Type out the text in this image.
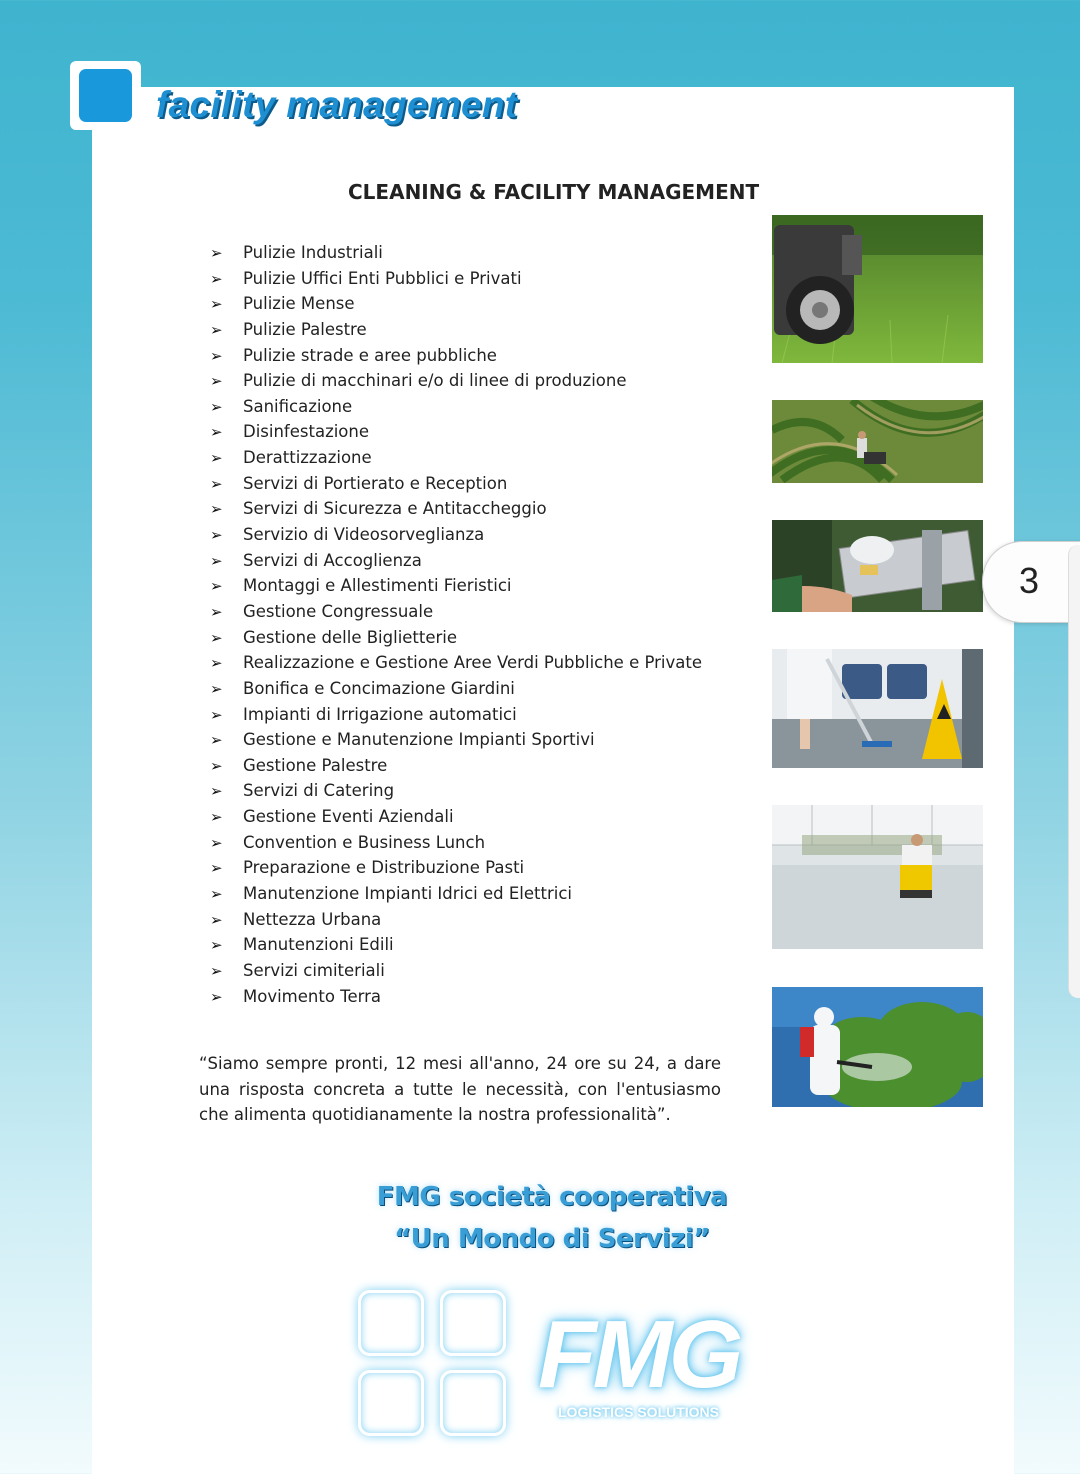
facility management
CLEANING & FACILITY MANAGEMENT
➢ Pulizie Industriali
➢ Pulizie Uffici Enti Pubblici e Privati
➢ Pulizie Mense
➢ Pulizie Palestre
➢ Pulizie strade e aree pubbliche
➢ Pulizie di macchinari e/o di linee di produzione
➢ Sanificazione
➢ Disinfestazione
➢ Derattizzazione
➢ Servizi di Portierato e Reception
➢ Servizi di Sicurezza e Antitaccheggio
➢ Servizio di Videosorveglianza
➢ Servizi di Accoglienza
➢ Montaggi e Allestimenti Fieristici
➢ Gestione Congressuale
➢ Gestione delle Biglietterie
➢ Realizzazione e Gestione Aree Verdi Pubbliche e Private
➢ Bonifica e Concimazione Giardini
➢ Impianti di Irrigazione automatici
➢ Gestione e Manutenzione Impianti Sportivi
➢ Gestione Palestre
➢ Servizi di Catering
➢ Gestione Eventi Aziendali
➢ Convention e Business Lunch
➢ Preparazione e Distribuzione Pasti
➢ Manutenzione Impianti Idrici ed Elettrici
➢ Nettezza Urbana
➢ Manutenzioni Edili
➢ Servizi cimiteriali
➢ Movimento Terra
“Siamo sempre pronti, 12 mesi all'anno, 24 ore su 24, a dare una risposta concreta a tutte le necessità, con l'entusiasmo che alimenta quotidianamente la nostra professionalità”.
FMG società cooperativa
“Un Mondo di Servizi”
3
FMG
LOGISTICS SOLUTIONS
